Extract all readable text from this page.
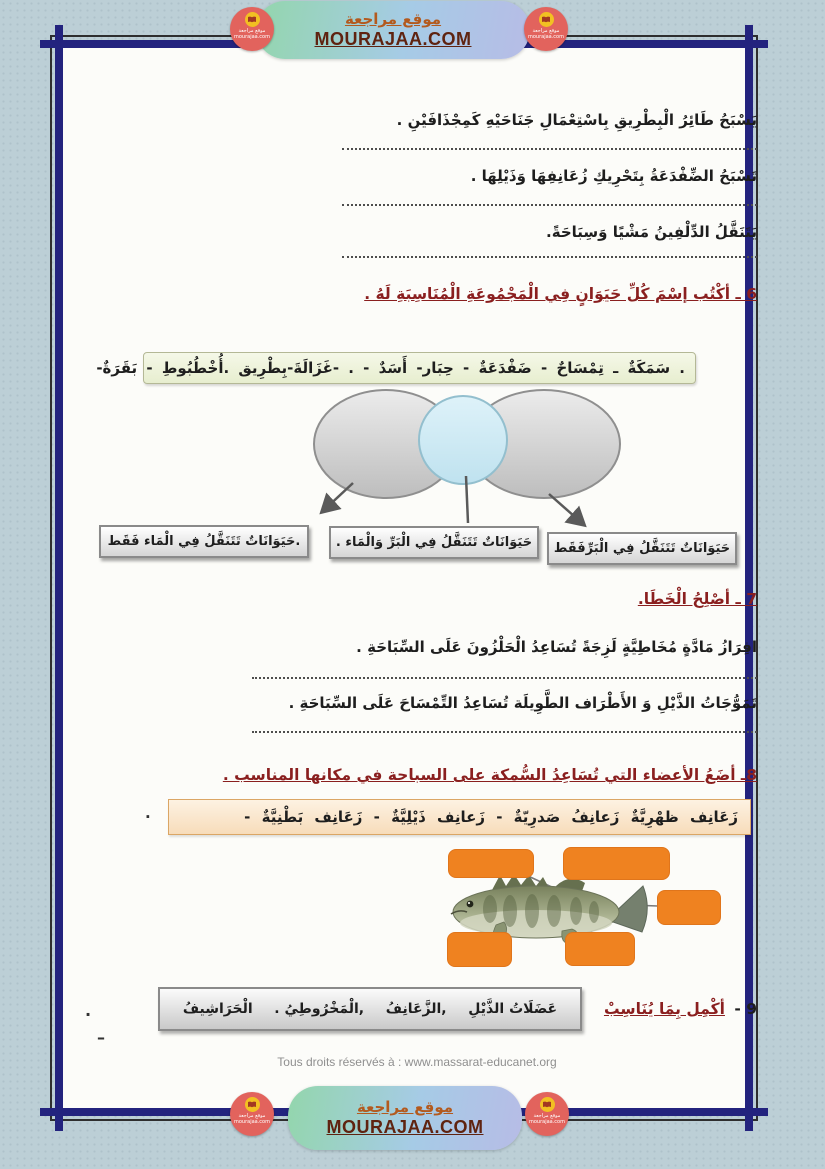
موقع مراجعة
MOURAJAA.COM
موقع مراجعة
mourajaa.com
موقع مراجعة
mourajaa.com

يَسْبَحُ طَائِرُ الْبِطْرِيقِ بِاسْتِعْمَالِ جَنَاحَيْهِ كَمِجْذَافَيْنِ .

تَسْبَحُ الضِّفْدَعَةُ بِتَحْرِيكِ زُعَانِفِهَا وَذَيْلِهَا .

يَتَنَقَّلُ الدِّلْفِينُ مَشْيًا وَسِبَاحَةً.

6 ـ أكْتُب إسْمَ كُلِّ حَيَوَانٍ فِي الْمَجْمُوعَةِ الْمُنَاسِبَةِ لَهُ .
. سَمَكَةٌ ـ تِمْسَاحٌ - ضَفْدَعَةٌ - حِبَار- أَسَدٌ - . -غَزَالَةَ-بِطْرِيق .أُخْطُبُوطِ - بَقَرَةٌ-
.حَيَوَانَاتٌ تَتَنَقَّلُ فِي الْمَاء فَقَط	حَيَوَانَاتٌ تَتَنَقَّلُ فِي الْبَرِّ وَالْمَاء .	حَيَوَانَاتٌ تَتَنَقَّلُ فِي الْبَرِّفَقَط
7 ـ أصْلِحُ الْخَطَا.

افِرَازُ مَادَّةٍ مُخَاطِيَّةٍ لَزِجَةً تُسَاعِدُ الْحَلْزُونَ عَلَى السِّبَاحَةِ .

تَمَوُّجَاتُ الذَّيْلِ وَ الأَطْرَاف الطَّوِيلَة تُسَاعِدُ التِّمْسَاحَ عَلَى السِّبَاحَةِ .

8ـ أضَعُ الأعضاء التي تُسَاعِدُ السُّمكة على السباحة في مكانها المناسب .
زَعَانِف ظهْرِيَّةٌ زَعانِفُ صَدرِيّةٌ - زَعانِف ذَيْلِيَّةٌ - زَعَانِف بَطْنِيَّةٌ -
.
9 - أكْمِل بِمَا يُنَاسِبْ
عَضَلَاتُ الذَّيْلِ
,الزَّعَانِفُ
,الْمَخْرُوطِيُ .
الْحَرَاشِيفُ
.
–
Tous droits réservés à : www.massarat-educanet.org
موقع مراجعة
MOURAJAA.COM
موقع مراجعة
mourajaa.com
موقع مراجعة
mourajaa.com
